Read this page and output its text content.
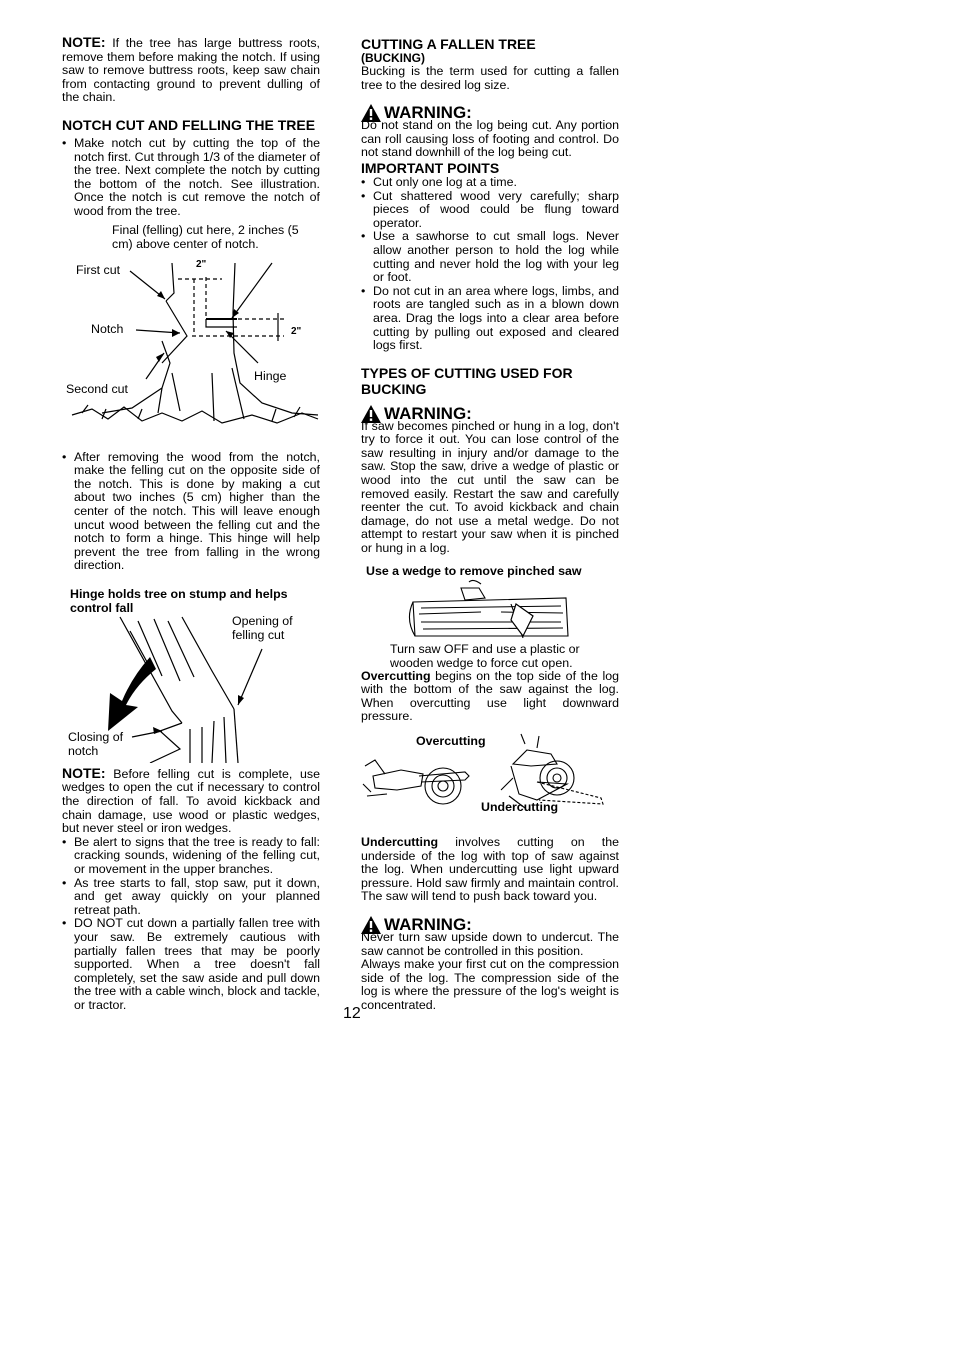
NOTE: If the tree has large buttress roots, remove them before making the notch. If using saw to remove buttress roots, keep saw chain from contacting ground to prevent dulling of the chain.

NOTCH CUT AND FELLING THE TREE
• Make notch cut by cutting the top of the notch first. Cut through 1/3 of the diameter of the tree. Next complete the notch by cutting the bottom of the notch. See illustration. Once the notch is cut remove the notch of wood from the tree.
Final (felling) cut here, 2 inches (5 cm) above center of notch.
First cut
Notch
Second cut
Hinge
2"
2"
• After removing the wood from the notch, make the felling cut on the opposite side of the notch. This is done by making a cut about two inches (5 cm) higher than the center of the notch. This will leave enough uncut wood between the felling cut and the notch to form a hinge. This hinge will help prevent the tree from falling in the wrong direction.
Hinge holds tree on stump and helps control fall
Opening of felling cut
Closing of notch

NOTE: Before felling cut is complete, use wedges to open the cut if necessary to control the direction of fall. To avoid kickback and chain damage, use wood or plastic wedges, but never steel or iron wedges.

• Be alert to signs that the tree is ready to fall: cracking sounds, widening of the felling cut, or movement in the upper branches.
• As tree starts to fall, stop saw, put it down, and get away quickly on your planned retreat path.
• DO NOT cut down a partially fallen tree with your saw. Be extremely cautious with partially fallen trees that may be poorly supported. When a tree doesn't fall completely, set the saw aside and pull down the tree with a cable winch, block and tackle, or tractor.
CUTTING A FALLEN TREE
(BUCKING)

Bucking is the term used for cutting a fallen tree to the desired log size.

WARNING:

Do not stand on the log being cut. Any portion can roll causing loss of footing and control. Do not stand downhill of the log being cut.

IMPORTANT POINTS
• Cut only one log at a time.
• Cut shattered wood very carefully; sharp pieces of wood could be flung toward operator.
• Use a sawhorse to cut small logs. Never allow another person to hold the log while cutting and never hold the log with your leg or foot.
• Do not cut in an area where logs, limbs, and roots are tangled such as in a blown down area. Drag the logs into a clear area before cutting by pulling out exposed and cleared logs first.
TYPES OF CUTTING USED FOR BUCKING
WARNING:

If saw becomes pinched or hung in a log, don't try to force it out. You can lose control of the saw resulting in injury and/or damage to the saw. Stop the saw, drive a wedge of plastic or wood into the cut until the saw can be removed easily. Restart the saw and carefully reenter the cut. To avoid kickback and chain damage, do not use a metal wedge. Do not attempt to restart your saw when it is pinched or hung in a log.

Use a wedge to remove pinched saw
Turn saw OFF and use a plastic or wooden wedge to force cut open.

Overcutting begins on the top side of the log with the bottom of the saw against the log. When overcutting use light downward pressure.

Overcutting
Undercutting

Undercutting involves cutting on the underside of the log with top of saw against the log. When undercutting use light upward pressure. Hold saw firmly and maintain control. The saw will tend to push back toward you.

WARNING:

Never turn saw upside down to undercut. The saw cannot be controlled in this position.

Always make your first cut on the compression side of the log. The compression side of the log is where the pressure of the log's weight is concentrated.

12
